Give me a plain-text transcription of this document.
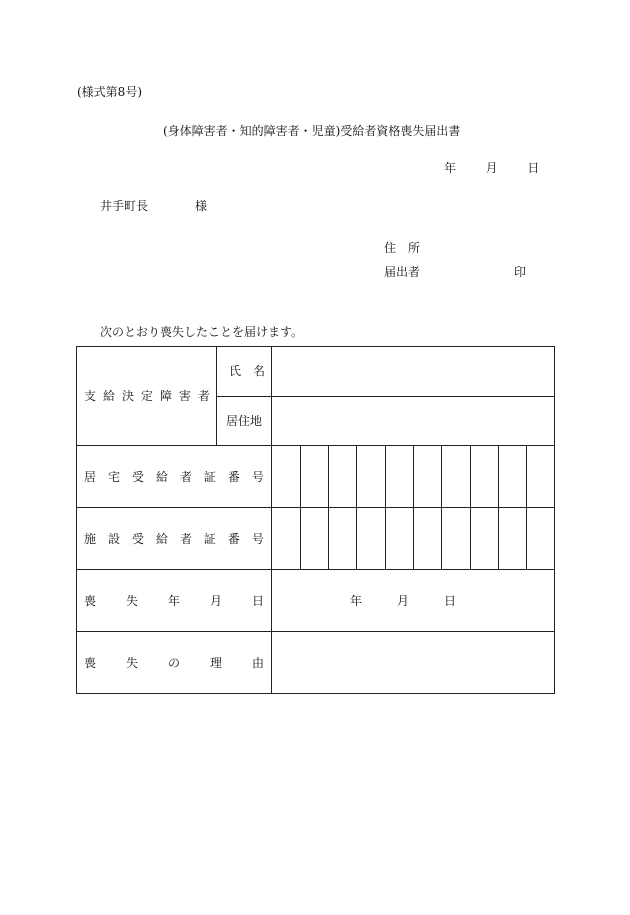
(様式第8号)
(身体障害者・知的障害者・児童)受給者資格喪失届出書
年 月 日
井手町長	様
住　所
届出者	印
次のとおり喪失したことを届けます。
支 給 決 定 障 害 者
氏　名
居住地
居 宅 受 給 者 証 番 号
施 設 受 給 者 証 番 号
喪 失 年 月 日	年	月	日
喪 失 の 理 由
